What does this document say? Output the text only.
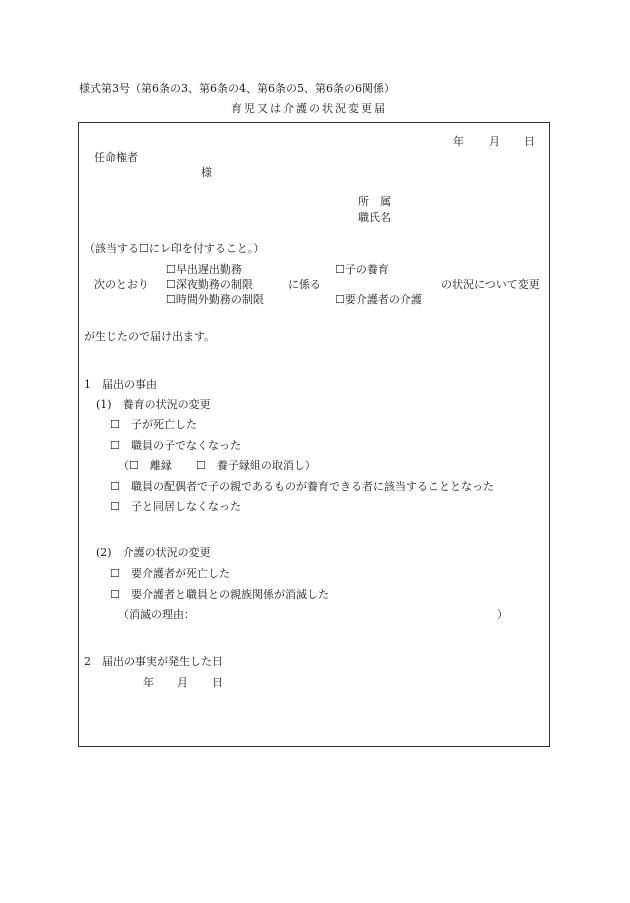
様式第3号（第6条の3、第6条の4、第6条の5、第6条の6関係）
育児又は介護の状況変更届
年 月 日
任命権者
様
所　属
職氏名
（該当する☐にレ印を付すること。）
☐早出遅出勤務
☐深夜勤務の制限
☐時間外勤務の制限
次のとおり	に係る
☐子の養育
☐要介護者の介護
の状況について変更
が生じたので届け出ます。
1　届出の事由
(1)　養育の状況の変更
☐
子が死亡した
☐
職員の子でなくなった
（☐　離縁 ☐　養子縁組の取消し）
☐
職員の配偶者で子の親であるものが養育できる者に該当することとなった
☐
子と同居しなくなった
(2)　介護の状況の変更
☐
要介護者が死亡した
☐
要介護者と職員との親族関係が消滅した
（消滅の理由：	）
2　届出の事実が発生した日
年 月 日
